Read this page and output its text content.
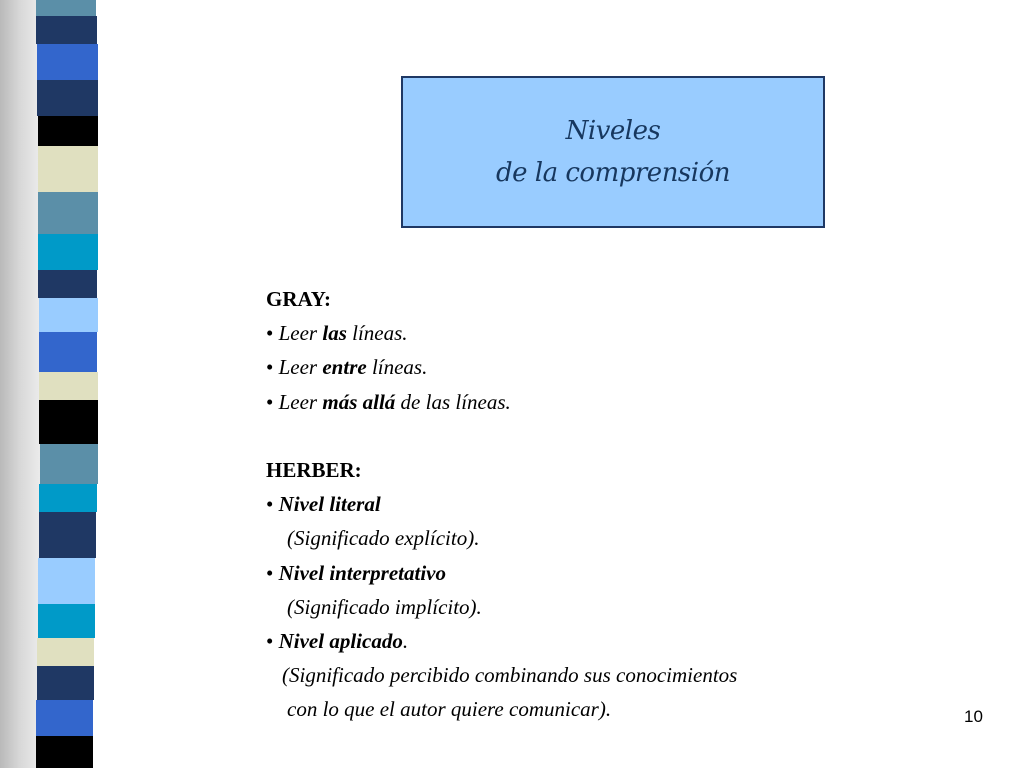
Niveles
de la comprensión
GRAY:
• Leer las líneas.
• Leer entre líneas.
• Leer más allá de las líneas.
HERBER:
• Nivel literal
(Significado explícito).
• Nivel interpretativo
(Significado implícito).
• Nivel aplicado.
(Significado percibido combinando sus conocimientos
con lo que el autor quiere comunicar).	10
